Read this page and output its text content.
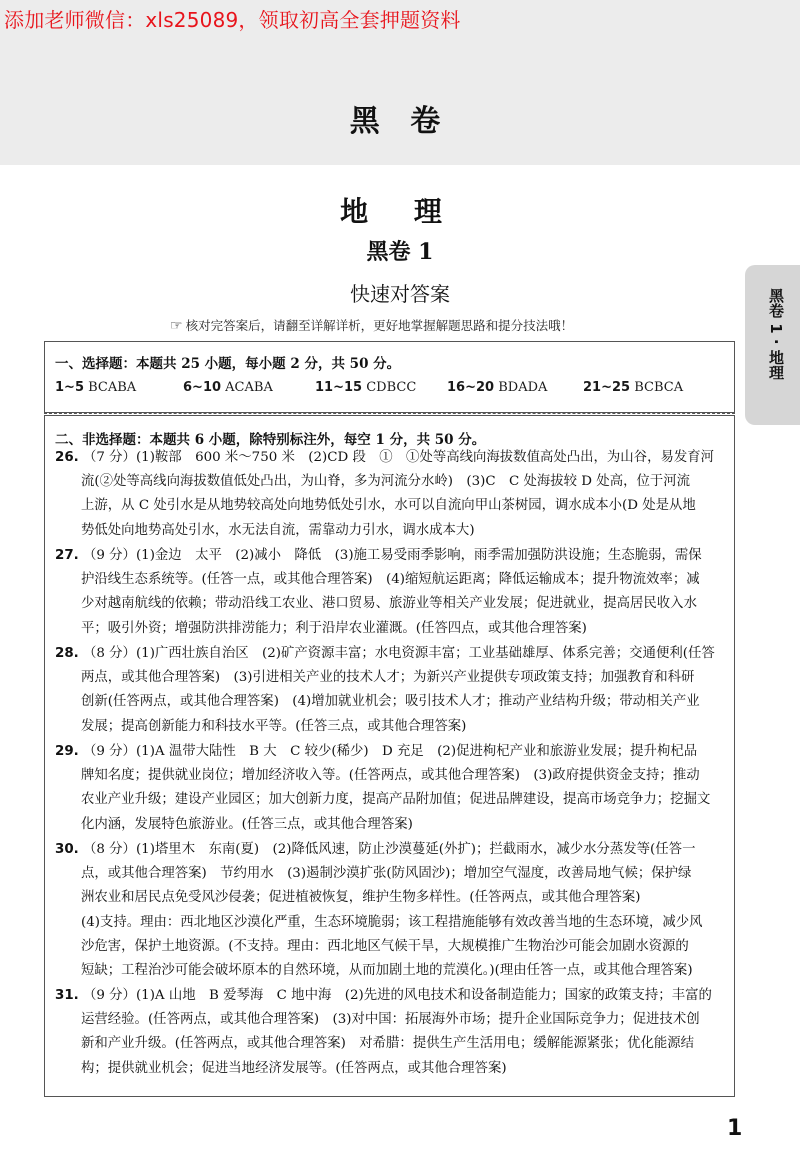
添加老师微信：xls25089，领取初高全套押题资料
黑 卷
地 理
黑卷 1
快速对答案
☞ 核对完答案后，请翻至详解详析，更好地掌握解题思路和提分技法哦！	黑卷 1 · 地理
一、选择题：本题共 25 小题，每小题 2 分，共 50 分。
1~5 BCABA	6~10 ACABA	11~15 CDBCC 16~20 BDADA	21~25 BCBCA
二、非选择题：本题共 6 小题，除特别标注外，每空 1 分，共 50 分。
26. （7 分）(1)鞍部　600 米～750 米　(2)CD 段　①　①处等高线向海拔数值高处凸出，为山谷，易发育河
流(②处等高线向海拔数值低处凸出，为山脊，多为河流分水岭)　(3)C　C 处海拔较 D 处高，位于河流
上游，从 C 处引水是从地势较高处向地势低处引水，水可以自流向甲山茶树园，调水成本小(D 处是从地
势低处向地势高处引水，水无法自流，需靠动力引水，调水成本大)
27. （9 分）(1)金边　太平　(2)减小　降低　(3)施工易受雨季影响，雨季需加强防洪设施；生态脆弱，需保
护沿线生态系统等。(任答一点，或其他合理答案)　(4)缩短航运距离；降低运输成本；提升物流效率；减
少对越南航线的依赖；带动沿线工农业、港口贸易、旅游业等相关产业发展；促进就业，提高居民收入水
平；吸引外资；增强防洪排涝能力；利于沿岸农业灌溉。(任答四点，或其他合理答案)
28. （8 分）(1)广西壮族自治区　(2)矿产资源丰富；水电资源丰富；工业基础雄厚、体系完善；交通便利(任答
两点，或其他合理答案)　(3)引进相关产业的技术人才；为新兴产业提供专项政策支持；加强教育和科研
创新(任答两点，或其他合理答案)　(4)增加就业机会；吸引技术人才；推动产业结构升级；带动相关产业
发展；提高创新能力和科技水平等。(任答三点，或其他合理答案)
29. （9 分）(1)A 温带大陆性　B 大　C 较少(稀少)　D 充足　(2)促进枸杞产业和旅游业发展；提升枸杞品
牌知名度；提供就业岗位；增加经济收入等。(任答两点，或其他合理答案)　(3)政府提供资金支持；推动
农业产业升级；建设产业园区；加大创新力度，提高产品附加值；促进品牌建设，提高市场竞争力；挖掘文
化内涵，发展特色旅游业。(任答三点，或其他合理答案)
30. （8 分）(1)塔里木　东南(夏)　(2)降低风速，防止沙漠蔓延(外扩)；拦截雨水，减少水分蒸发等(任答一
点，或其他合理答案)　节约用水　(3)遏制沙漠扩张(防风固沙)；增加空气湿度，改善局地气候；保护绿
洲农业和居民点免受风沙侵袭；促进植被恢复，维护生物多样性。(任答两点，或其他合理答案)
(4)支持。理由：西北地区沙漠化严重，生态环境脆弱；该工程措施能够有效改善当地的生态环境，减少风
沙危害，保护土地资源。(不支持。理由：西北地区气候干旱，大规模推广生物治沙可能会加剧水资源的
短缺；工程治沙可能会破坏原本的自然环境，从而加剧土地的荒漠化。)(理由任答一点，或其他合理答案)
31. （9 分）(1)A 山地　B 爱琴海　C 地中海　(2)先进的风电技术和设备制造能力；国家的政策支持；丰富的
运营经验。(任答两点，或其他合理答案)　(3)对中国：拓展海外市场；提升企业国际竞争力；促进技术创
新和产业升级。(任答两点，或其他合理答案)　对希腊：提供生产生活用电；缓解能源紧张；优化能源结
构；提供就业机会；促进当地经济发展等。(任答两点，或其他合理答案)
1
